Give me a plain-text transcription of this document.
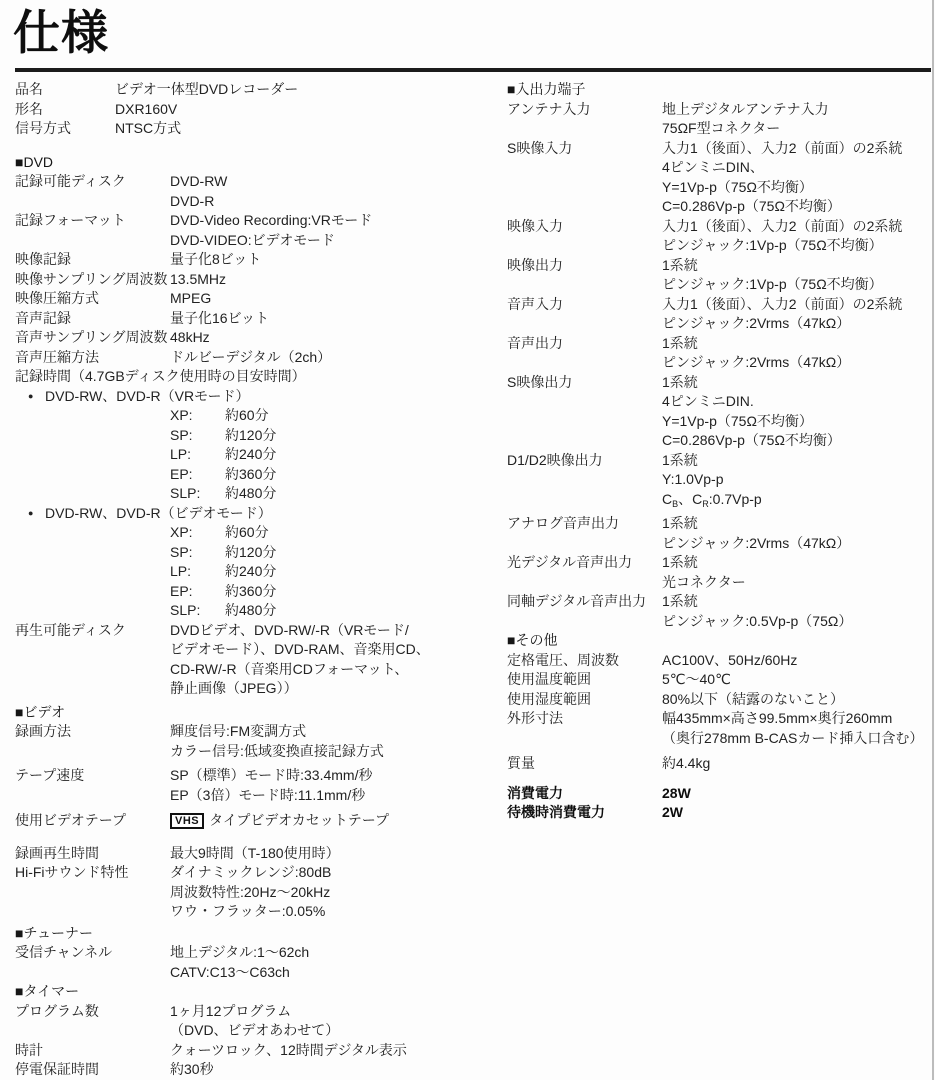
仕様
品名	ビデオ一体型DVDレコーダー
形名	DXR160V
信号方式	NTSC方式
■DVD
記録可能ディスク	DVD-RW
DVD-R
記録フォーマット	DVD-Video Recording:VRモード
DVD-VIDEO:ビデオモード
映像記録	量子化8ビット
映像サンプリング周波数 13.5MHz
映像圧縮方式	MPEG
音声記録	量子化16ビット
音声サンプリング周波数 48kHz
音声圧縮方法	ドルビーデジタル（2ch）
記録時間（4.7GBディスク使用時の目安時間）
● DVD-RW、DVD-R（VRモード）
XP: 約60分
SP: 約120分
LP: 約240分
EP: 約360分
SLP: 約480分
● DVD-RW、DVD-R（ビデオモード）
XP: 約60分
SP: 約120分
LP: 約240分
EP: 約360分
SLP: 約480分
再生可能ディスク	DVDビデオ、DVD-RW/-R（VRモード/
ビデオモード）、DVD-RAM、音楽用CD、
CD-RW/-R（音楽用CDフォーマット、
静止画像（JPEG））
■ビデオ
録画方法	輝度信号:FM変調方式
カラー信号:低域変換直接記録方式
テープ速度	SP（標準）モード時:33.4mm/秒
EP（3倍）モード時:11.1mm/秒
使用ビデオテープ	VHS タイプビデオカセットテープ
録画再生時間	最大9時間（T-180使用時）
Hi-Fiサウンド特性	ダイナミックレンジ:80dB
周波数特性:20Hz〜20kHz
ワウ・フラッター:0.05%
■チューナー
受信チャンネル	地上デジタル:1〜62ch
CATV:C13〜C63ch
■タイマー
プログラム数	1ヶ月12プログラム
（DVD、ビデオあわせて）
時計	クォーツロック、12時間デジタル表示
停電保証時間	約30秒
■入出力端子
アンテナ入力	地上デジタルアンテナ入力
75ΩF型コネクター
S映像入力	入力1（後面）、入力2（前面）の2系統
4ピンミニDIN、
Y=1Vp-p（75Ω不均衡）
C=0.286Vp-p（75Ω不均衡）
映像入力	入力1（後面）、入力2（前面）の2系統
ピンジャック:1Vp-p（75Ω不均衡）
映像出力	1系統
ピンジャック:1Vp-p（75Ω不均衡）
音声入力	入力1（後面）、入力2（前面）の2系統
ピンジャック:2Vrms（47kΩ）
音声出力	1系統
ピンジャック:2Vrms（47kΩ）
S映像出力	1系統
4ピンミニDIN.
Y=1Vp-p（75Ω不均衡）
C=0.286Vp-p（75Ω不均衡）
D1/D2映像出力	1系統
Y:1.0Vp-p
$C_B$、$C_R:0.7Vp-p$
アナログ音声出力	1系統
ピンジャック:2Vrms（47kΩ）
光デジタル音声出力	1系統
光コネクター
同軸デジタル音声出力	1系統
ピンジャック:0.5Vp-p（75Ω）
■その他
定格電圧、周波数	AC100V、50Hz/60Hz
使用温度範囲	5℃〜40℃
使用湿度範囲	80%以下（結露のないこと）
外形寸法	幅435mm×高さ99.5mm×奥行260mm
（奥行278mm B-CASカード挿入口含む）
質量	約4.4kg
消費電力	28W
待機時消費電力	2W
